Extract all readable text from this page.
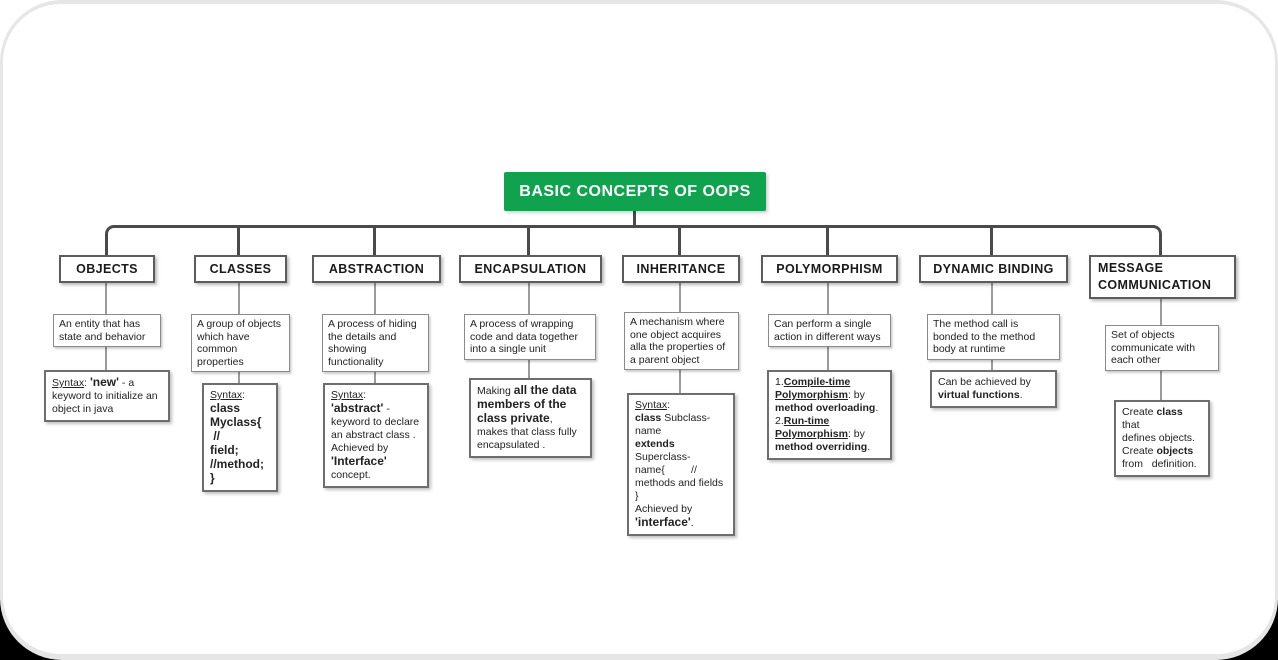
BASIC CONCEPTS OF OOPS
OBJECTS
An entity that has state and behavior
Syntax: 'new' - a keyword to initialize an object in java
CLASSES
A group of objects which have common properties
Syntax:
class
Myclass{  //
field;
//method;
}
ABSTRACTION
A process of hiding the details and showing functionality
Syntax:
'abstract' -
keyword to declare an abstract class .
Achieved by
'Interface' concept.
ENCAPSULATION
A process of wrapping code and data together into a single unit
Making all the data members of the class private, makes that class fully encapsulated .
INHERITANCE
A mechanism where one object acquires alla the properties of a parent object
Syntax:
class Subclass-name
extends Superclass-
name{         //
methods and fields
}
Achieved by
'interface'.
POLYMORPHISM
Can perform a single action in different ways
1.Compile-time Polymorphism: by method overloading.
2.Run-time Polymorphism: by method overriding.
DYNAMIC BINDING
The method call is bonded to the method body at runtime
Can be achieved by
virtual functions.
MESSAGE COMMUNICATION
Set of objects communicate with each other
Create class that
defines objects.
Create objects
from   definition.
